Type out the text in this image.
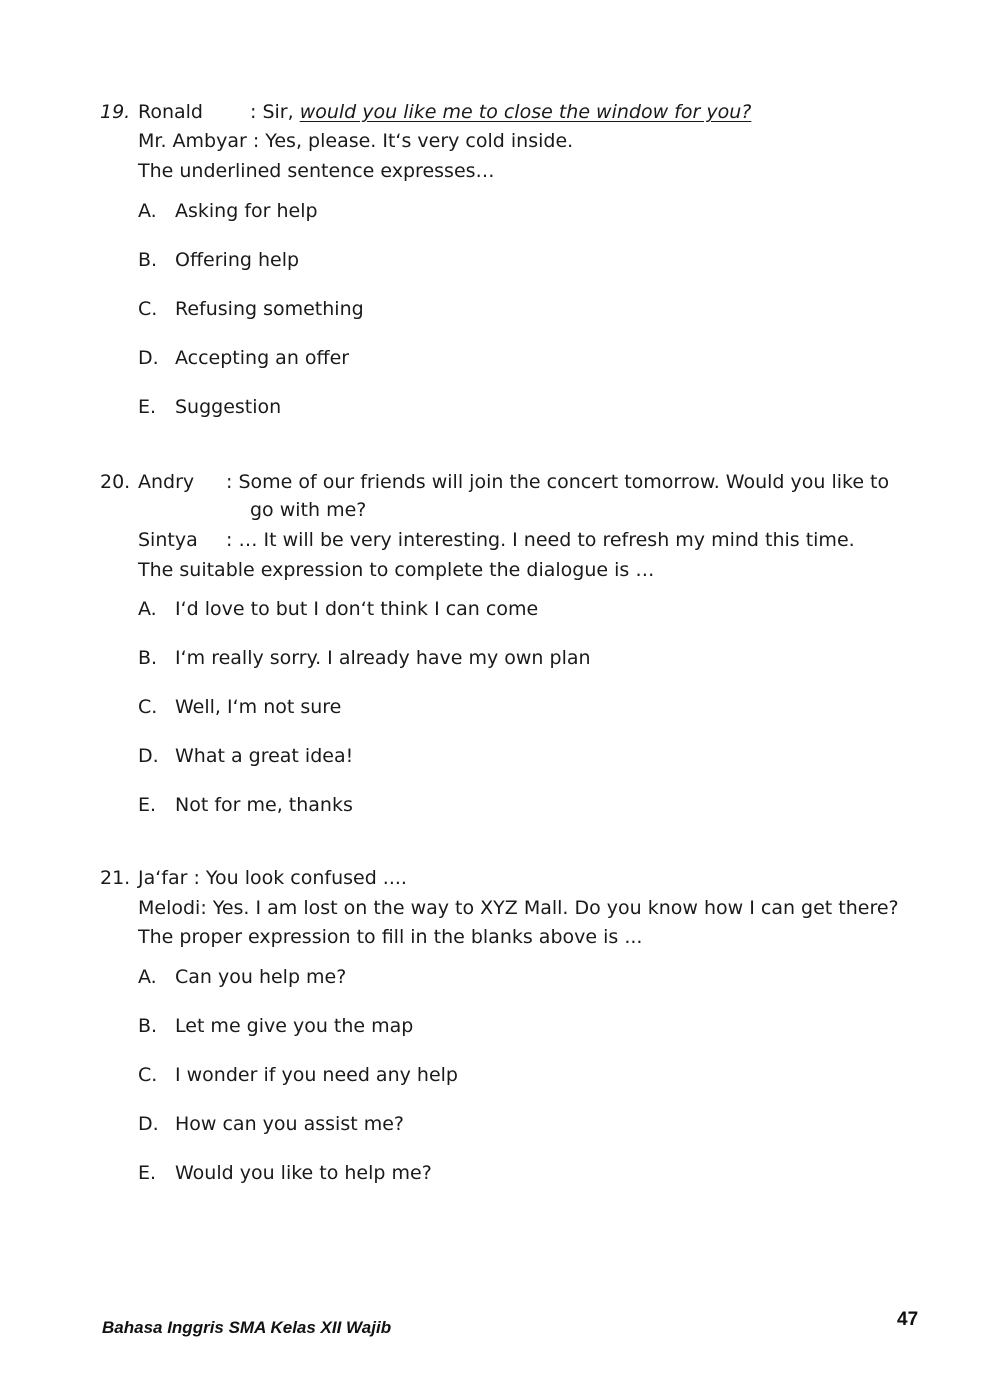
19. Ronald : Sir, would you like me to close the window for you?
Mr. Ambyar : Yes, please. It‘s very cold inside.
The underlined sentence expresses…
A. Asking for help
B. Offering help
C. Refusing something
D. Accepting an offer
E. Suggestion
20. Andry : Some of our friends will join the concert tomorrow. Would you like to
go with me?
Sintya : … It will be very interesting. I need to refresh my mind this time.
The suitable expression to complete the dialogue is …
A. I‘d love to but I don‘t think I can come
B. I‘m really sorry. I already have my own plan
C. Well, I‘m not sure
D. What a great idea!
E. Not for me, thanks
21. Ja‘far : You look confused ....
Melodi: Yes. I am lost on the way to XYZ Mall. Do you know how I can get there?
The proper expression to fill in the blanks above is ...
A. Can you help me?
B. Let me give you the map
C. I wonder if you need any help
D. How can you assist me?
E. Would you like to help me?
Bahasa Inggris SMA Kelas XII Wajib	47
